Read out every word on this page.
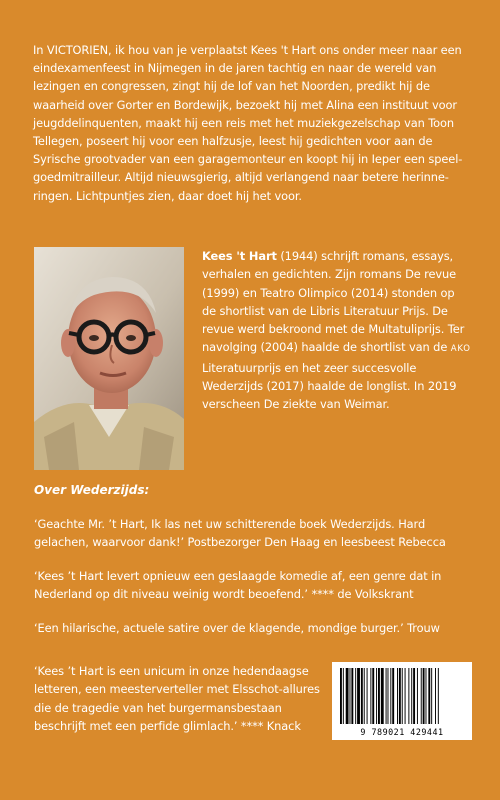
In VICTORIEN, ik hou van je verplaatst Kees 't Hart ons onder meer naar een eindexamenfeest in Nijmegen in de jaren tachtig en naar de wereld van lezingen en congressen, zingt hij de lof van het Noorden, predikt hij de waarheid over Gorter en Bordewijk, bezoekt hij met Alina een instituut voor jeugddelinquenten, maakt hij een reis met het muziekgezelschap van Toon Tellegen, poseert hij voor een halfzusje, leest hij gedichten voor aan de Syrische grootvader van een garagemonteur en koopt hij in Ieper een speelgoedmitrailleur. Altijd nieuwsgierig, altijd verlangend naar betere herinneringen. Lichtpuntjes zien, daar doet hij het voor.

Kees 't Hart (1944) schrijft romans, essays, verhalen en gedichten. Zijn romans De revue (1999) en Teatro Olimpico (2014) stonden op de shortlist van de Libris Literatuur Prijs. De revue werd bekroond met de Multatuliprijs. Ter navolging (2004) haalde de shortlist van de AKO Literatuurprijs en het zeer succesvolle Wederzijds (2017) haalde de longlist. In 2019 verscheen De ziekte van Weimar.
Over Wederzijds:
‘Geachte Mr. ’t Hart, Ik las net uw schitterende boek Wederzijds. Hard gelachen, waarvoor dank!’ Postbezorger Den Haag en leesbeest Rebecca
‘Kees ’t Hart levert opnieuw een geslaagde komedie af, een genre dat in Nederland op dit niveau weinig wordt beoefend.’ **** de Volkskrant
‘Een hilarische, actuele satire over de klagende, mondige burger.’ Trouw
‘Kees ’t Hart is een unicum in onze hedendaagse letteren, een meesterverteller met Elsschot-allures die de tragedie van het burgermansbestaan beschrijft met een perfide glimlach.’ **** Knack	9 789021 429441
